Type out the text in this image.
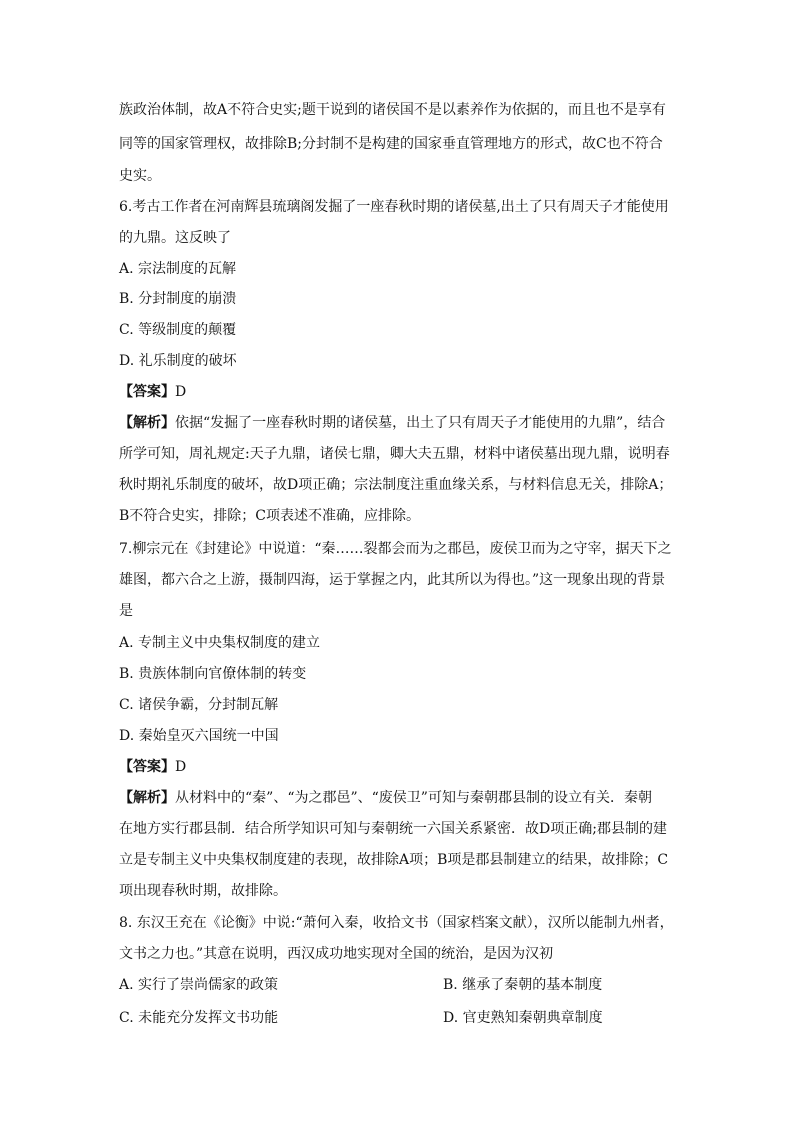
族政治体制，故A不符合史实;题干说到的诸侯国不是以素养作为依据的，而且也不是享有
同等的国家管理权，故排除B;分封制不是构建的国家垂直管理地方的形式，故C也不符合
史实。
6.考古工作者在河南辉县琉璃阁发掘了一座春秋时期的诸侯墓,出土了只有周天子才能使用
的九鼎。这反映了
A. 宗法制度的瓦解
B. 分封制度的崩溃
C. 等级制度的颠覆
D. 礼乐制度的破坏
【答案】D
【解析】依据“发掘了一座春秋时期的诸侯墓，出土了只有周天子才能使用的九鼎”，结合
所学可知，周礼规定:天子九鼎，诸侯七鼎，卿大夫五鼎，材料中诸侯墓出现九鼎，说明春
秋时期礼乐制度的破坏，故D项正确；宗法制度注重血缘关系，与材料信息无关，排除A；
B不符合史实，排除；C项表述不准确，应排除。
7.柳宗元在《封建论》中说道：“秦……裂都会而为之郡邑，废侯卫而为之守宰，据天下之
雄图，都六合之上游，摄制四海，运于掌握之内，此其所以为得也。”这一现象出现的背景
是
A. 专制主义中央集权制度的建立
B. 贵族体制向官僚体制的转变
C. 诸侯争霸，分封制瓦解
D. 秦始皇灭六国统一中国
【答案】D
【解析】从材料中的“秦”、“为之郡邑”、“废侯卫”可知与秦朝郡县制的设立有关．秦朝
在地方实行郡县制．结合所学知识可知与秦朝统一六国关系紧密．故D项正确;郡县制的建
立是专制主义中央集权制度建的表现，故排除A项；B项是郡县制建立的结果，故排除；C
项出现春秋时期，故排除。
8. 东汉王充在《论衡》中说:“萧何入秦，收拾文书（国家档案文献），汉所以能制九州者，
文书之力也。”其意在说明，西汉成功地实现对全国的统治，是因为汉初
A. 实行了崇尚儒家的政策	B. 继承了秦朝的基本制度
C. 未能充分发挥文书功能	D. 官吏熟知秦朝典章制度
